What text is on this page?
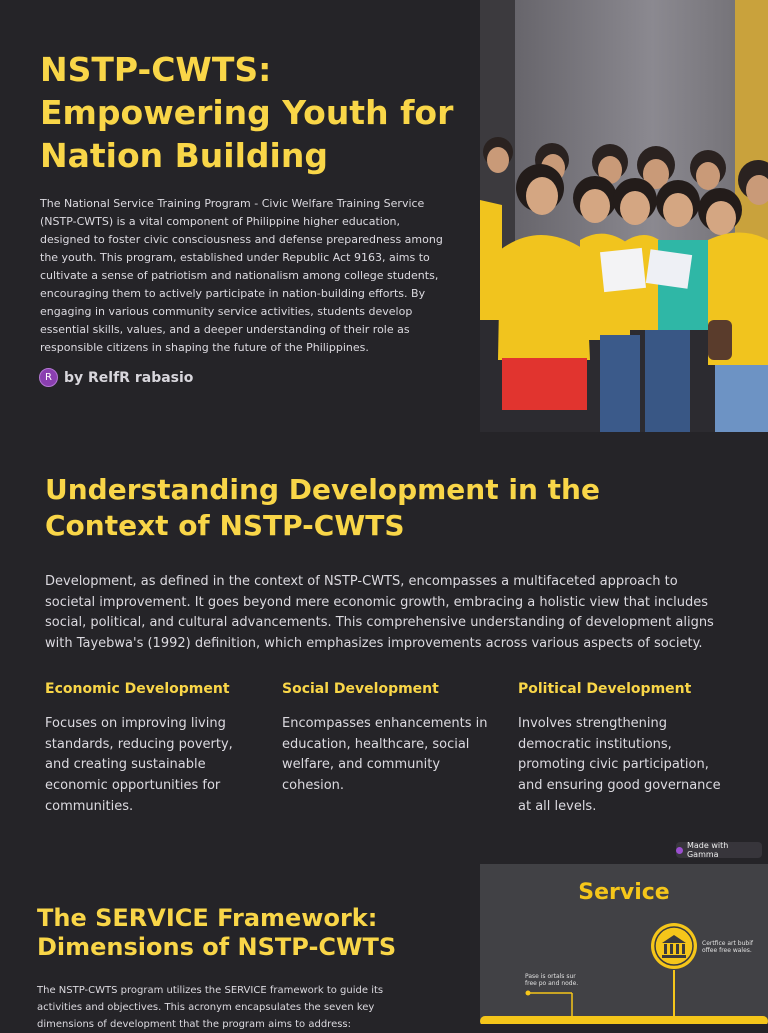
NSTP-CWTS: Empowering Youth for Nation Building

The National Service Training Program - Civic Welfare Training Service (NSTP-CWTS) is a vital component of Philippine higher education, designed to foster civic consciousness and defense preparedness among the youth. This program, established under Republic Act 9163, aims to cultivate a sense of patriotism and nationalism among college students, encouraging them to actively participate in nation-building efforts. By engaging in various community service activities, students develop essential skills, values, and a deeper understanding of their role as responsible citizens in shaping the future of the Philippines.

R by RelfR rabasio
Understanding Development in the Context of NSTP-CWTS

Development, as defined in the context of NSTP-CWTS, encompasses a multifaceted approach to societal improvement. It goes beyond mere economic growth, embracing a holistic view that includes social, political, and cultural advancements. This comprehensive understanding of development aligns with Tayebwa's (1992) definition, which emphasizes improvements across various aspects of society.

Economic Development

Focuses on improving living standards, reducing poverty, and creating sustainable economic opportunities for communities.

Social Development

Encompasses enhancements in education, healthcare, social welfare, and community cohesion.

Political Development

Involves strengthening democratic institutions, promoting civic participation, and ensuring good governance at all levels.

Made with Gamma
The SERVICE Framework: Dimensions of NSTP-CWTS

The NSTP-CWTS program utilizes the SERVICE framework to guide its activities and objectives. This acronym encapsulates the seven key dimensions of development that the program aims to address:

Service
Certfice art bubif offee free wales.
Pase is ortals sur free po and node.
